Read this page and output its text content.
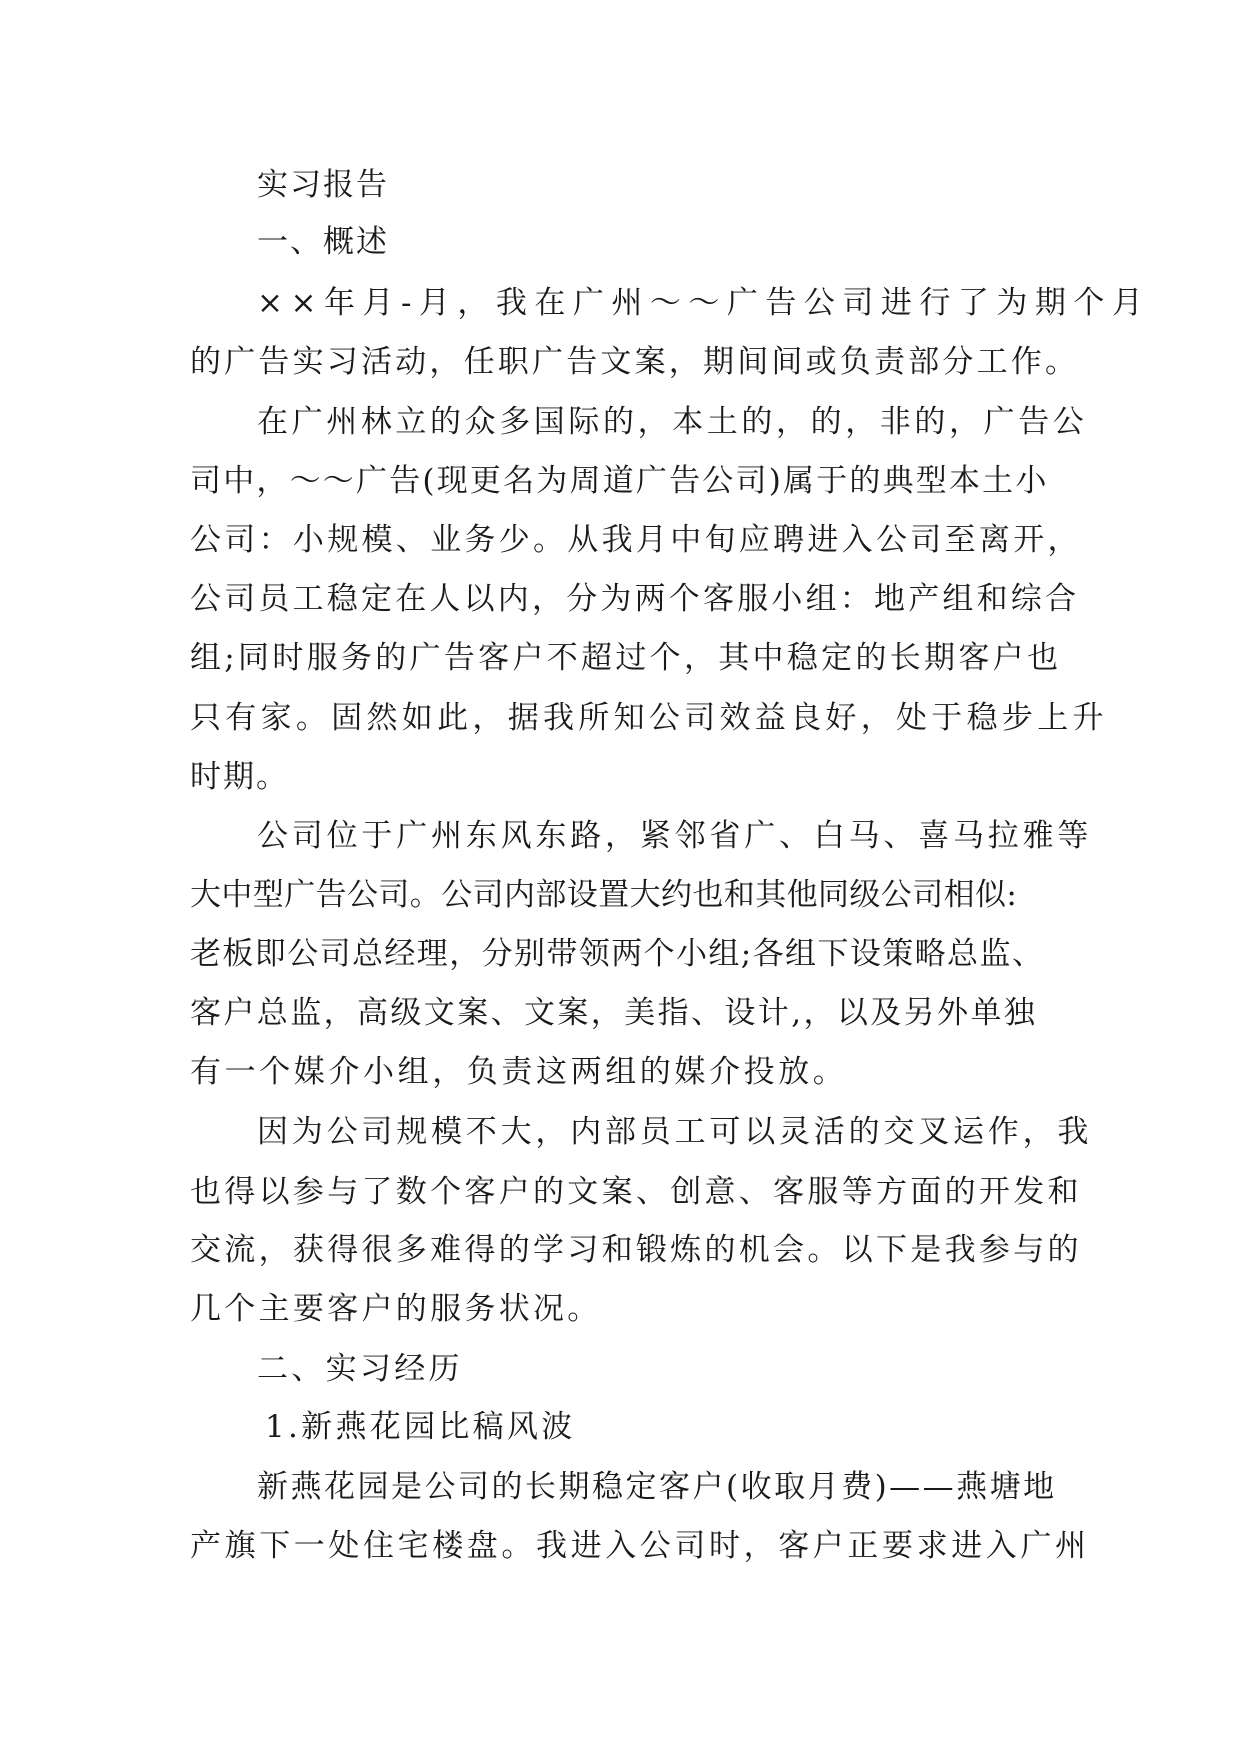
实习报告

一、概述

××年月-月，我在广州～～广告公司进行了为期个月

的广告实习活动，任职广告文案，期间间或负责部分工作。

在广州林立的众多国际的，本土的，的，非的，广告公

司中，～～广告(现更名为周道广告公司)属于的典型本土小

公司：小规模、业务少。从我月中旬应聘进入公司至离开，

公司员工稳定在人以内，分为两个客服小组：地产组和综合

组;同时服务的广告客户不超过个，其中稳定的长期客户也

只有家。固然如此，据我所知公司效益良好，处于稳步上升

时期。

公司位于广州东风东路，紧邻省广、白马、喜马拉雅等

大中型广告公司。公司内部设置大约也和其他同级公司相似:

老板即公司总经理，分别带领两个小组;各组下设策略总监、

客户总监，高级文案、文案，美指、设计,，以及另外单独

有一个媒介小组，负责这两组的媒介投放。

因为公司规模不大，内部员工可以灵活的交叉运作，我

也得以参与了数个客户的文案、创意、客服等方面的开发和

交流，获得很多难得的学习和锻炼的机会。以下是我参与的

几个主要客户的服务状况。

二、实习经历

1.新燕花园比稿风波

新燕花园是公司的长期稳定客户(收取月费)——燕塘地

产旗下一处住宅楼盘。我进入公司时，客户正要求进入广州
